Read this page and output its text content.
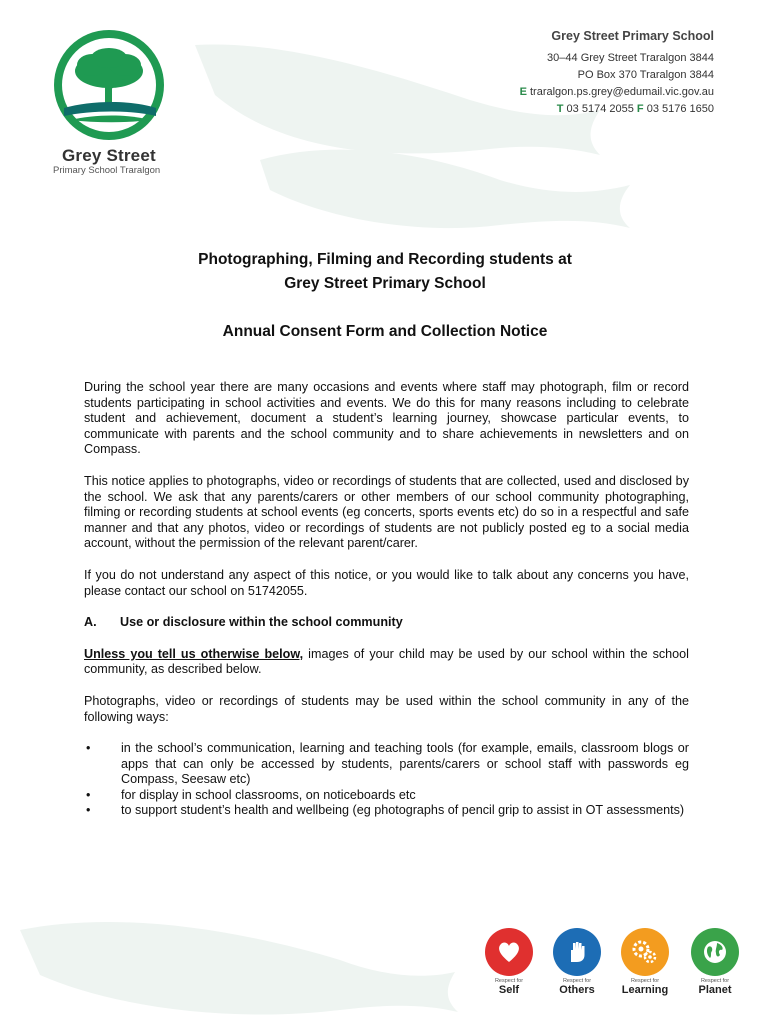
Grey Street
Primary School Traralgon
Grey Street Primary School
30–44 Grey Street Traralgon 3844
PO Box 370 Traralgon 3844
E traralgon.ps.grey@edumail.vic.gov.au
T 03 5174 2055 F 03 5176 1650
Photographing, Filming and Recording students at
Grey Street Primary School
Annual Consent Form and Collection Notice

During the school year there are many occasions and events where staff may photograph, film or record students participating in school activities and events. We do this for many reasons including to celebrate student and achievement, document a student’s learning journey, showcase particular events, to communicate with parents and the school community and to share achievements in newsletters and on Compass.

This notice applies to photographs, video or recordings of students that are collected, used and disclosed by the school. We ask that any parents/carers or other members of our school community photographing, filming or recording students at school events (eg concerts, sports events etc) do so in a respectful and safe manner and that any photos, video or recordings of students are not publicly posted eg to a social media account, without the permission of the relevant parent/carer.

If you do not understand any aspect of this notice, or you would like to talk about any concerns you have, please contact our school on 51742055.

A.	Use or disclosure within the school community

Unless you tell us otherwise below, images of your child may be used by our school within the school community, as described below.

Photographs, video or recordings of students may be used within the school community in any of the following ways:

• in the school’s communication, learning and teaching tools (for example, emails, classroom blogs or apps that can only be accessed by students, parents/carers or school staff with passwords eg Compass, Seesaw etc)
• for display in school classrooms, on noticeboards etc
• to support student’s health and wellbeing (eg photographs of pencil grip to assist in OT assessments)
Respect for
Self
Respect for
Others
Respect for
Learning
Respect for
Planet
